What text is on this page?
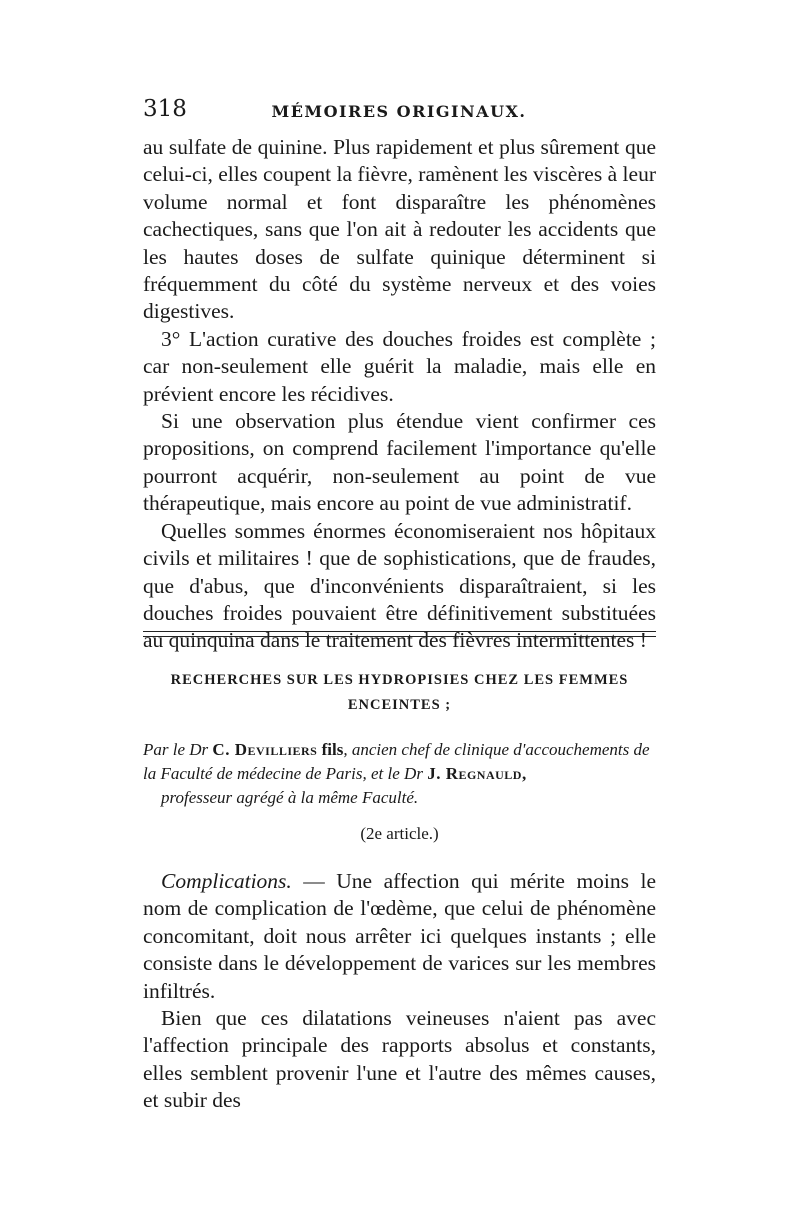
318	MÉMOIRES ORIGINAUX.

au sulfate de quinine. Plus rapidement et plus sûrement que celui-ci, elles coupent la fièvre, ramènent les viscères à leur volume normal et font disparaître les phénomènes cachectiques, sans que l'on ait à redouter les accidents que les hautes doses de sulfate quinique déterminent si fréquemment du côté du système nerveux et des voies digestives.

3° L'action curative des douches froides est complète ; car non-seulement elle guérit la maladie, mais elle en prévient encore les récidives.

Si une observation plus étendue vient confirmer ces propositions, on comprend facilement l'importance qu'elle pourront acquérir, non-seulement au point de vue thérapeutique, mais encore au point de vue administratif.

Quelles sommes énormes économiseraient nos hôpitaux civils et militaires ! que de sophistications, que de fraudes, que d'abus, que d'inconvénients disparaîtraient, si les douches froides pouvaient être définitivement substituées au quinquina dans le traitement des fièvres intermittentes !

RECHERCHES SUR LES HYDROPISIES CHEZ LES FEMMES
ENCEINTES ;
Par le Dr C. Devilliers fils, ancien chef de clinique d'accouchements de la Faculté de médecine de Paris, et le Dr J. Regnauld,
professeur agrégé à la même Faculté.
(2e article.)

Complications. — Une affection qui mérite moins le nom de complication de l'œdème, que celui de phénomène concomitant, doit nous arrêter ici quelques instants ; elle consiste dans le développement de varices sur les membres infiltrés.

Bien que ces dilatations veineuses n'aient pas avec l'affection principale des rapports absolus et constants, elles semblent provenir l'une et l'autre des mêmes causes, et subir des
